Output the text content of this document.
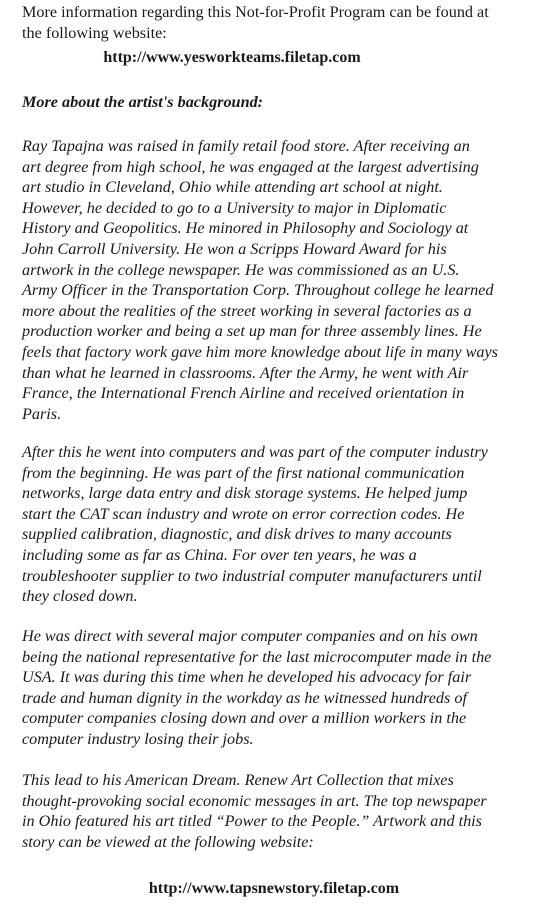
More information regarding this Not-for-Profit Program can be found at
the following website:
http://www.yesworkteams.filetap.com
More about the artist's background:
Ray Tapajna was raised in family retail food store. After receiving an
art degree from high school, he was engaged at the largest advertising
art studio in Cleveland, Ohio while attending art school at night.
However, he decided to go to a University to major in Diplomatic
History and Geopolitics. He minored in Philosophy and Sociology at
John Carroll University. He won a Scripps Howard Award for his
artwork in the college newspaper. He was commissioned as an U.S.
Army Officer in the Transportation Corp. Throughout college he learned
more about the realities of the street working in several factories as a
production worker and being a set up man for three assembly lines. He
feels that factory work gave him more knowledge about life in many ways
than what he learned in classrooms. After the Army, he went with Air
France, the International French Airline and received orientation in
Paris.
After this he went into computers and was part of the computer industry
from the beginning. He was part of the first national communication
networks, large data entry and disk storage systems. He helped jump
start the CAT scan industry and wrote on error correction codes. He
supplied calibration, diagnostic, and disk drives to many accounts
including some as far as China. For over ten years, he was a
troubleshooter supplier to two industrial computer manufacturers until
they closed down.
He was direct with several major computer companies and on his own
being the national representative for the last microcomputer made in the
USA. It was during this time when he developed his advocacy for fair
trade and human dignity in the workday as he witnessed hundreds of
computer companies closing down and over a million workers in the
computer industry losing their jobs.
This lead to his American Dream. Renew Art Collection that mixes
thought-provoking social economic messages in art. The top newspaper
in Ohio featured his art titled “Power to the People.” Artwork and this
story can be viewed at the following website:
http://www.tapsnewstory.filetap.com
